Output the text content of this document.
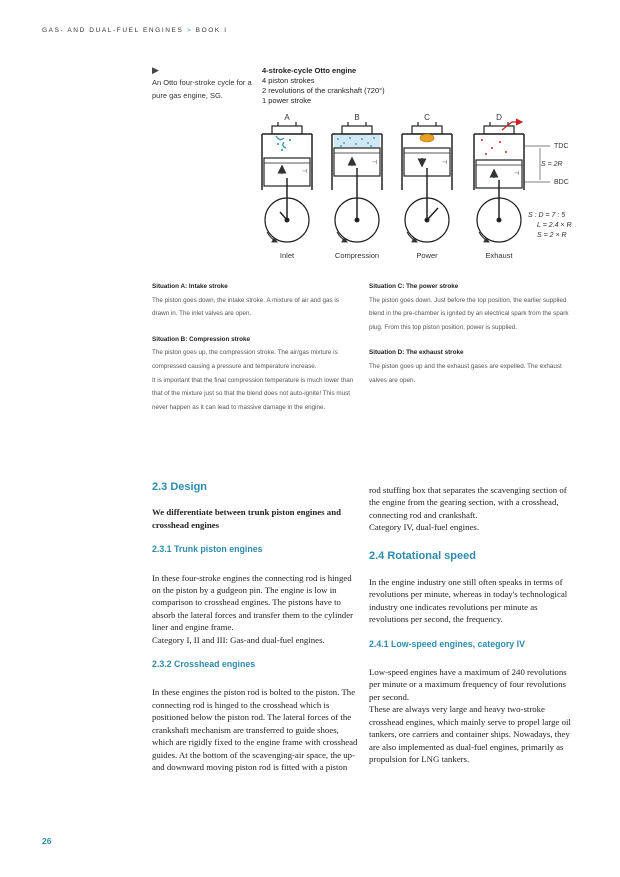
GAS- AND DUAL-FUEL ENGINES > BOOK I
▶
An Otto four-stroke cycle for a pure gas engine, SG.
4-stroke-cycle Otto engine
4 piston strokes
2 revolutions of the crankshaft (720°)
1 power stroke
A	B	C	D
⊣
⊣	⊣
⊣
TDC
S = 2R
BDC
S : D = 7 : 5
L = 2.4 × R
S = 2 × R
Inlet	Compression	Power	Exhaust
Situation A: Intake stroke

The piston goes down, the intake stroke. A mixture of air and gas is drawn in. The inlet valves are open.

Situation B: Compression stroke

The piston goes up, the compression stroke. The air/gas mixture is compressed causing a pressure and temperature increase.

It is important that the final compression temperature is much lower than that of the mixture just so that the blend does not auto-ignite! This must never happen as it can lead to massive damage in the engine.

Situation C: The power stroke

The piston goes down. Just before the top position, the earlier supplied blend in the pre-chamber is ignited by an electrical spark from the spark plug. From this top piston position, power is supplied.

Situation D: The exhaust stroke

The piston goes up and the exhaust gases are expelled. The exhaust valves are open.

2.3 Design

We differentiate between trunk piston engines and crosshead engines

2.3.1 Trunk piston engines

In these four-stroke engines the connecting rod is hinged on the piston by a gudgeon pin. The engine is low in comparison to crosshead engines. The pistons have to absorb the lateral forces and transfer them to the cylinder liner and engine frame.

Category I, II and III: Gas-and dual-fuel engines.

2.3.2 Crosshead engines

In these engines the piston rod is bolted to the piston. The connecting rod is hinged to the crosshead which is positioned below the piston rod. The lateral forces of the crankshaft mechanism are transferred to guide shoes, which are rigidly fixed to the engine frame with crosshead guides. At the bottom of the scavenging-air space, the up- and downward moving piston rod is fitted with a piston

rod stuffing box that separates the scavenging section of the engine from the gearing section, with a crosshead, connecting rod and crankshaft.

Category IV, dual-fuel engines.

2.4 Rotational speed

In the engine industry one still often speaks in terms of revolutions per minute, whereas in today's technological industry one indicates revolutions per minute as revolutions per second, the frequency.

2.4.1 Low-speed engines, category IV

Low-speed engines have a maximum of 240 revolutions per minute or a maximum frequency of four revolutions per second.

These are always very large and heavy two-stroke crosshead engines, which mainly serve to propel large oil tankers, ore carriers and container ships. Nowadays, they are also implemented as dual-fuel engines, primarily as propulsion for LNG tankers.

26
